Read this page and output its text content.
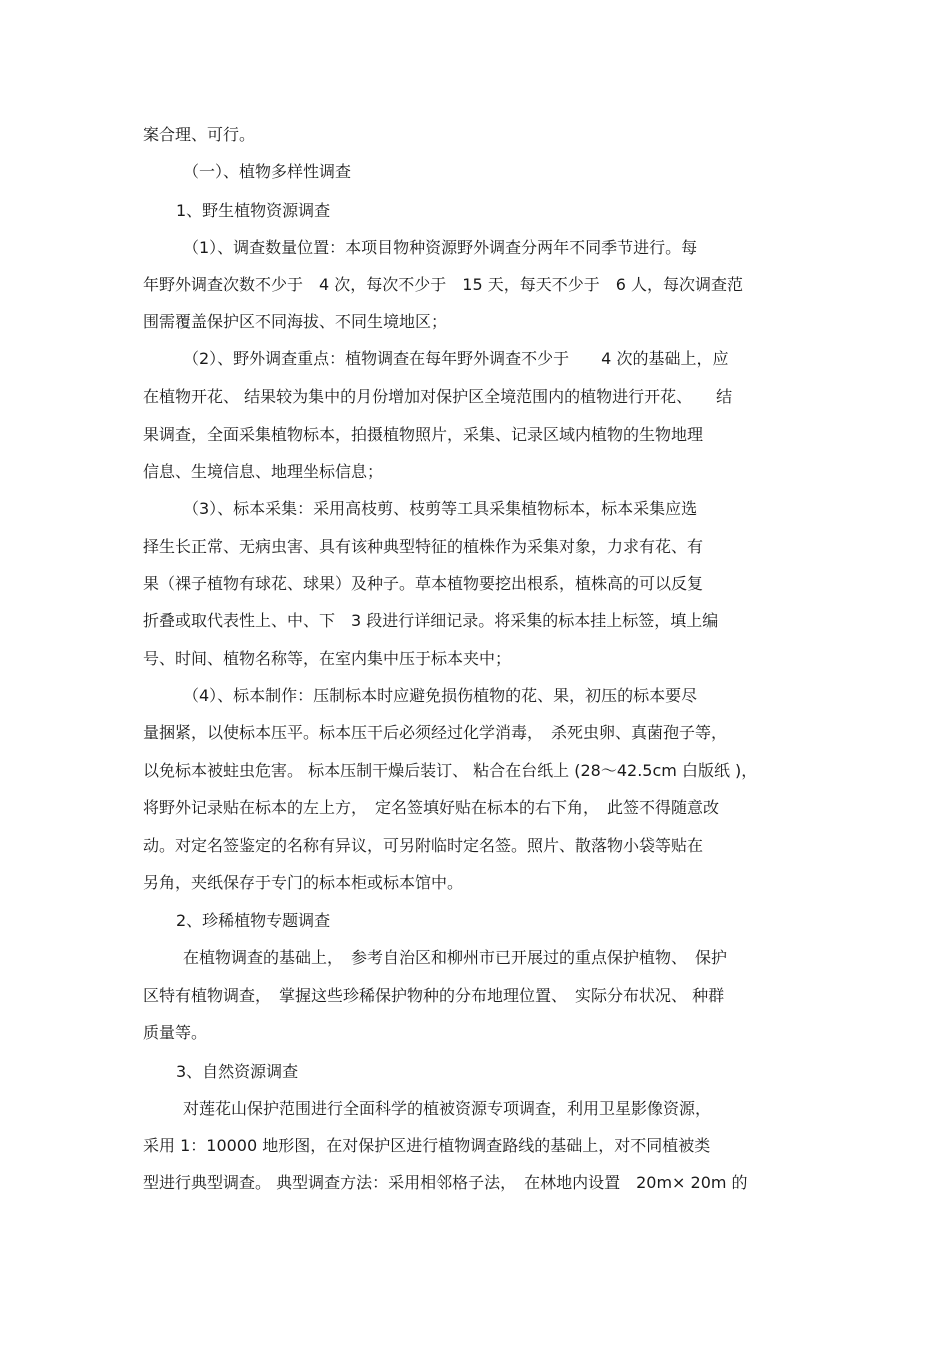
案合理、可行。
（一）、植物多样性调查
1、野生植物资源调查
（1）、调查数量位置：本项目物种资源野外调查分两年不同季节进行。每
年野外调查次数不少于　4 次，每次不少于　15 天，每天不少于　6 人，每次调查范
围需覆盖保护区不同海拔、不同生境地区；
（2）、野外调查重点：植物调查在每年野外调查不少于　　4 次的基础上，应
在植物开花、 结果较为集中的月份增加对保护区全境范围内的植物进行开花、　　结
果调查，全面采集植物标本，拍摄植物照片，采集、记录区域内植物的生物地理
信息、生境信息、地理坐标信息；
（3）、标本采集：采用高枝剪、枝剪等工具采集植物标本，标本采集应选
择生长正常、无病虫害、具有该种典型特征的植株作为采集对象，力求有花、有
果（裸子植物有球花、球果）及种子。草本植物要挖出根系，植株高的可以反复
折叠或取代表性上、中、下　3 段进行详细记录。将采集的标本挂上标签，填上编
号、时间、植物名称等，在室内集中压于标本夹中；
（4）、标本制作：压制标本时应避免损伤植物的花、果，初压的标本要尽
量捆紧，以使标本压平。标本压干后必须经过化学消毒，　杀死虫卵、真菌孢子等，
以免标本被蛀虫危害。 标本压制干燥后装订、 粘合在台纸上 (28～42.5cm 白版纸 )，
将野外记录贴在标本的左上方，　定名签填好贴在标本的右下角，　此签不得随意改
动。对定名签鉴定的名称有异议，可另附临时定名签。照片、散落物小袋等贴在
另角，夹纸保存于专门的标本柜或标本馆中。
2、珍稀植物专题调查
在植物调查的基础上，　参考自治区和柳州市已开展过的重点保护植物、　保护
区特有植物调查，　掌握这些珍稀保护物种的分布地理位置、　实际分布状况、 种群
质量等。
3、自然资源调查
对莲花山保护范围进行全面科学的植被资源专项调查，利用卫星影像资源，
采用 1：10000 地形图，在对保护区进行植物调查路线的基础上，对不同植被类
型进行典型调查。 典型调查方法：采用相邻格子法，　在林地内设置　20m× 20m 的
